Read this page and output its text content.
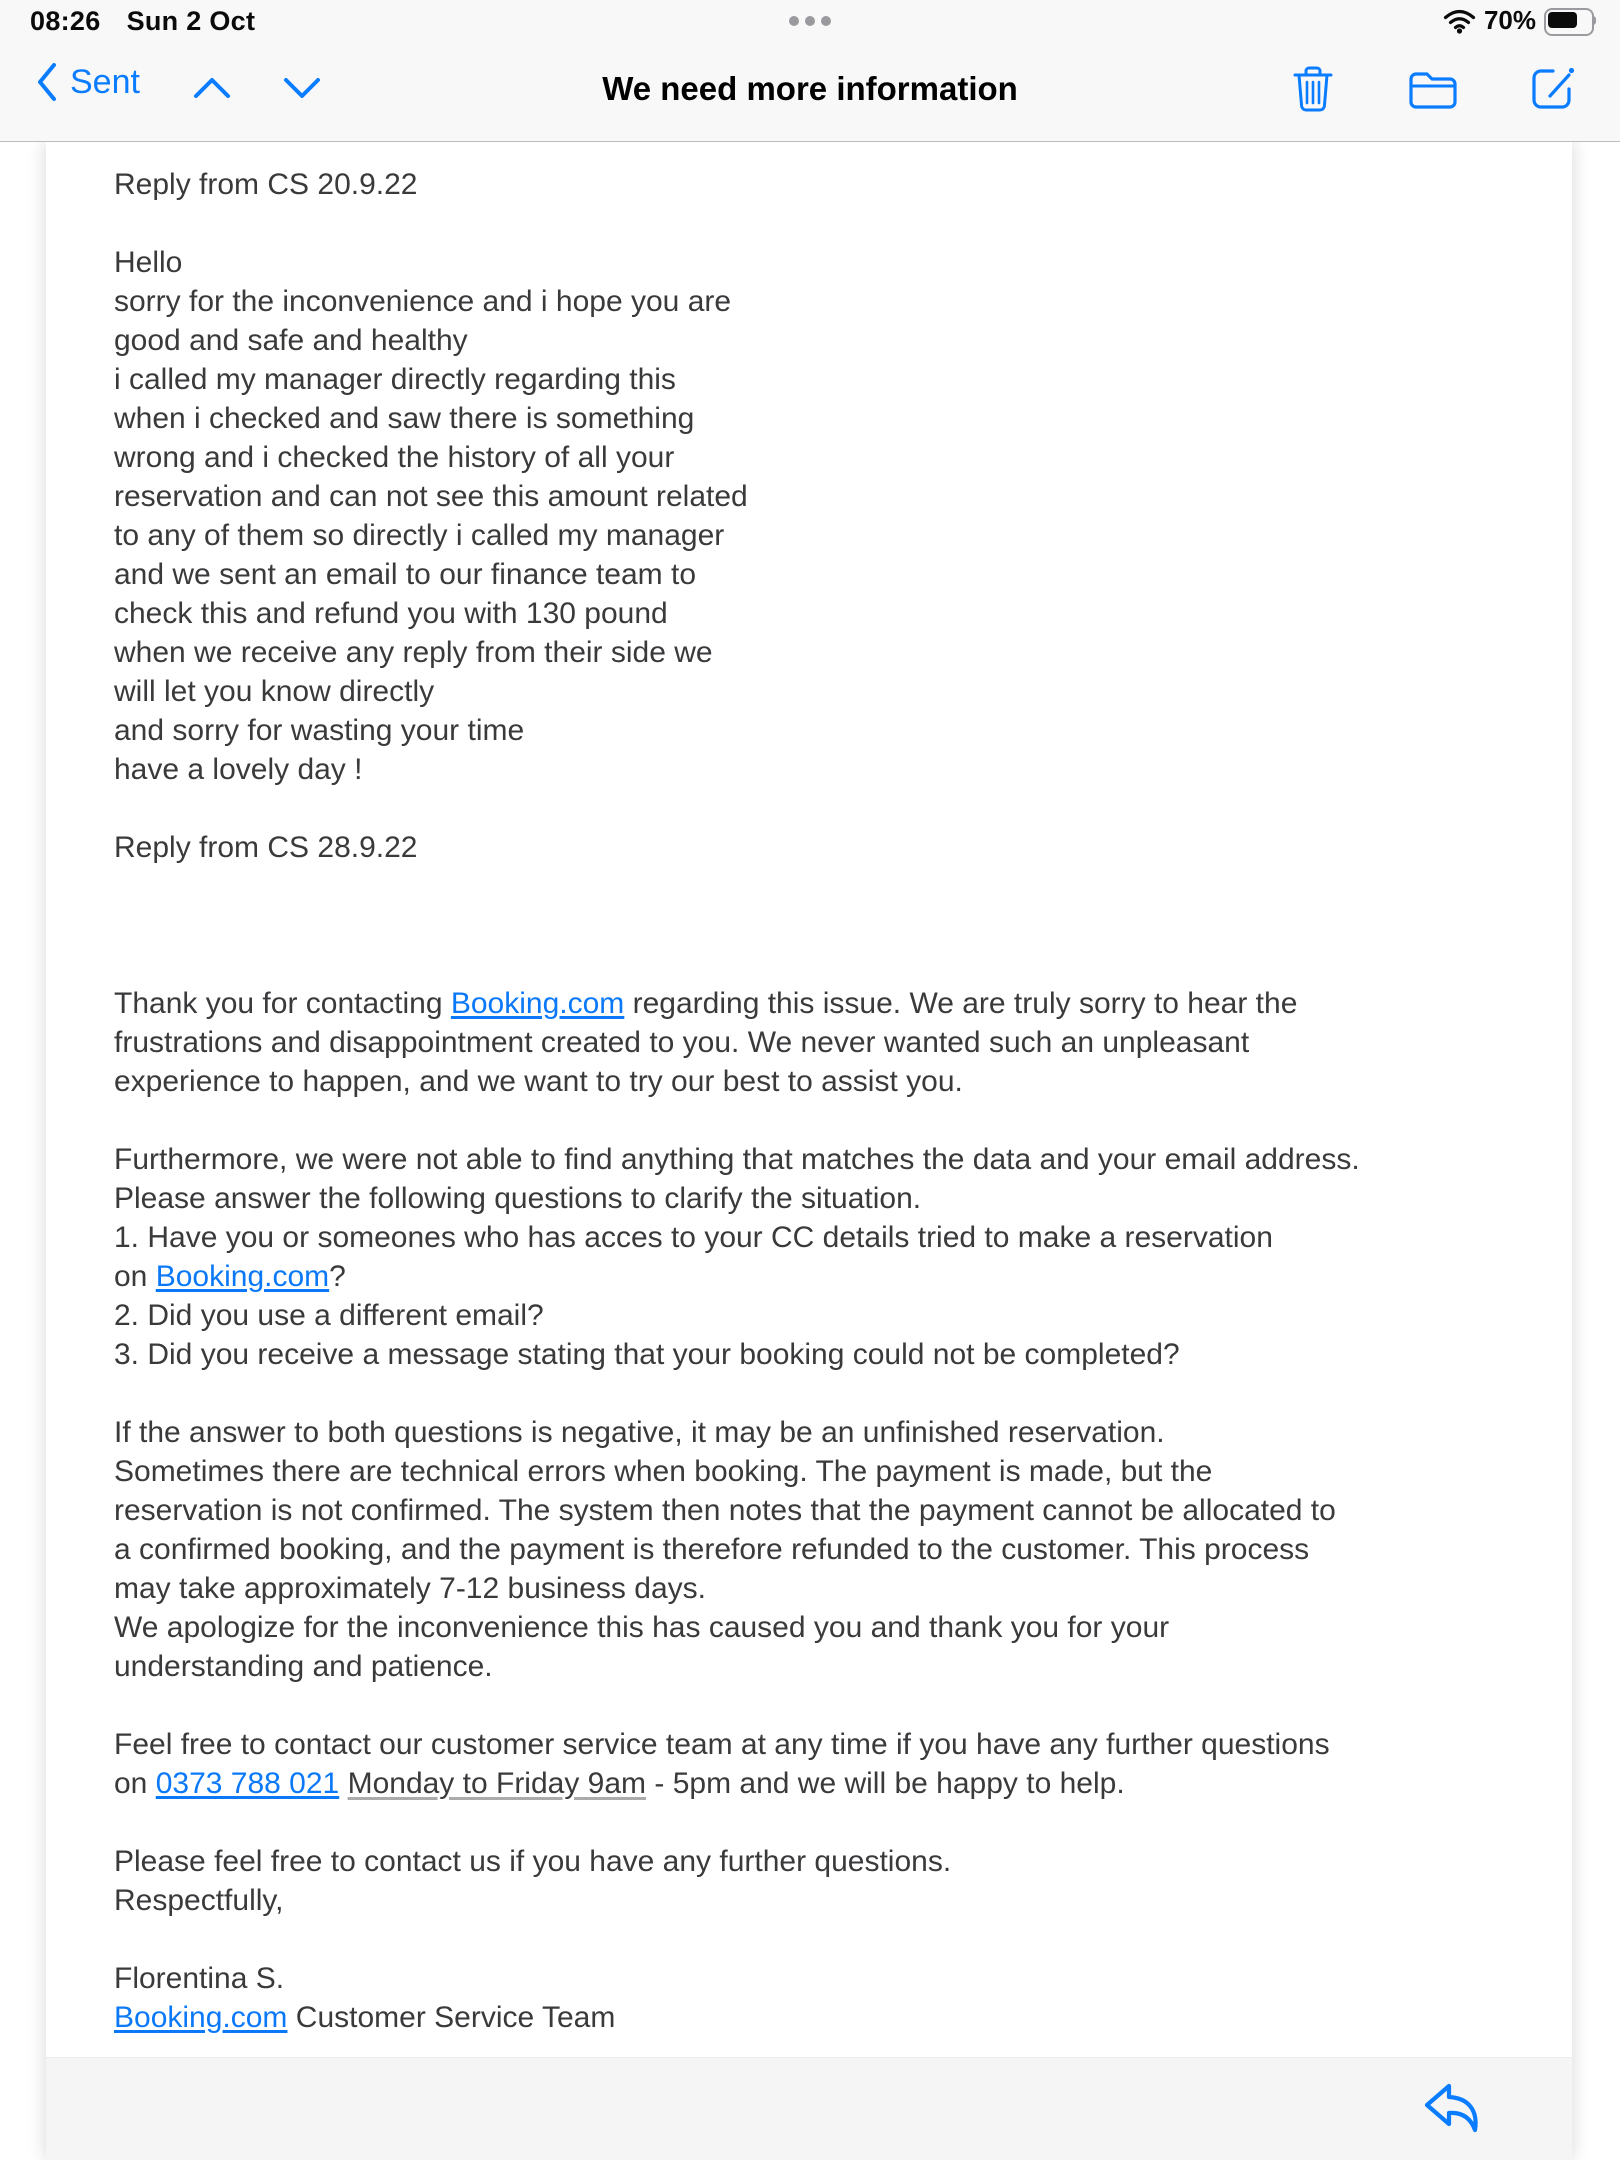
08:26 Sun 2 Oct	70%
Sent	We need more information
Reply from CS 20.9.22

Hello
sorry for the inconvenience and i hope you are
good and safe and healthy
i called my manager directly regarding this
when i checked and saw there is something
wrong and i checked the history of all your
reservation and can not see this amount related
to any of them so directly i called my manager
and we sent an email to our finance team to
check this and refund you with 130 pound
when we receive any reply from their side we
will let you know directly
and sorry for wasting your time
have a lovely day !

Reply from CS 28.9.22

Thank you for contacting Booking.com regarding this issue. We are truly sorry to hear the
frustrations and disappointment created to you. We never wanted such an unpleasant
experience to happen, and we want to try our best to assist you.

Furthermore, we were not able to find anything that matches the data and your email address.
Please answer the following questions to clarify the situation.
1. Have you or someones who has acces to your CC details tried to make a reservation
on Booking.com?
2. Did you use a different email?
3. Did you receive a message stating that your booking could not be completed?

If the answer to both questions is negative, it may be an unfinished reservation.
Sometimes there are technical errors when booking. The payment is made, but the
reservation is not confirmed. The system then notes that the payment cannot be allocated to
a confirmed booking, and the payment is therefore refunded to the customer. This process
may take approximately 7-12 business days.
We apologize for the inconvenience this has caused you and thank you for your
understanding and patience.

Feel free to contact our customer service team at any time if you have any further questions
on 0373 788 021 Monday to Friday 9am - 5pm and we will be happy to help.

Please feel free to contact us if you have any further questions.
Respectfully,

Florentina S.
Booking.com Customer Service Team
